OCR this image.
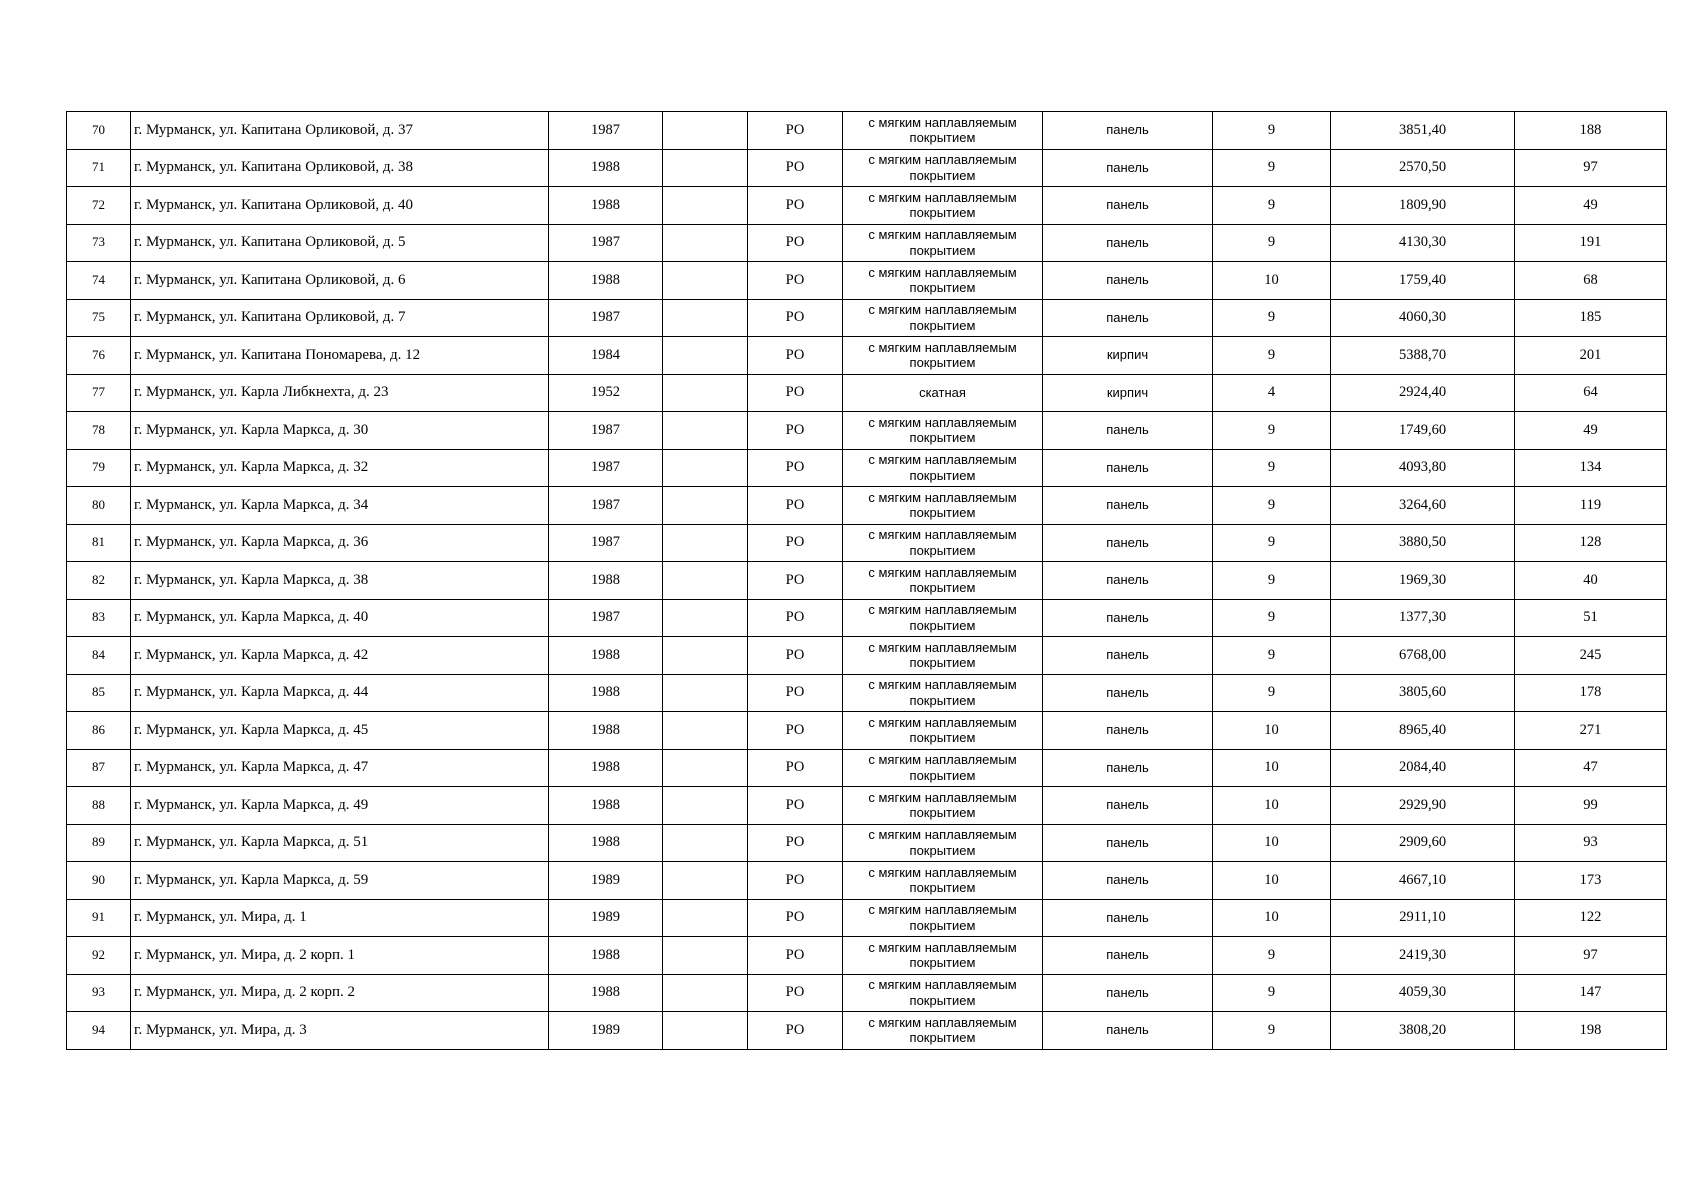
70	г. Мурманск, ул. Капитана Орликовой, д. 37	1987		РО	с мягким наплавляемым покрытием	панель	9	3851,40	188
71	г. Мурманск, ул. Капитана Орликовой, д. 38	1988		РО	с мягким наплавляемым покрытием	панель	9	2570,50	97
72	г. Мурманск, ул. Капитана Орликовой, д. 40	1988		РО	с мягким наплавляемым покрытием	панель	9	1809,90	49
73	г. Мурманск, ул. Капитана Орликовой, д. 5	1987		РО	с мягким наплавляемым покрытием	панель	9	4130,30	191
74	г. Мурманск, ул. Капитана Орликовой, д. 6	1988		РО	с мягким наплавляемым покрытием	панель	10	1759,40	68
75	г. Мурманск, ул. Капитана Орликовой, д. 7	1987		РО	с мягким наплавляемым покрытием	панель	9	4060,30	185
76	г. Мурманск, ул. Капитана Пономарева, д. 12	1984		РО	с мягким наплавляемым покрытием	кирпич	9	5388,70	201
77	г. Мурманск, ул. Карла Либкнехта, д. 23	1952		РО	скатная	кирпич	4	2924,40	64
78	г. Мурманск, ул. Карла Маркса, д. 30	1987		РО	с мягким наплавляемым покрытием	панель	9	1749,60	49
79	г. Мурманск, ул. Карла Маркса, д. 32	1987		РО	с мягким наплавляемым покрытием	панель	9	4093,80	134
80	г. Мурманск, ул. Карла Маркса, д. 34	1987		РО	с мягким наплавляемым покрытием	панель	9	3264,60	119
81	г. Мурманск, ул. Карла Маркса, д. 36	1987		РО	с мягким наплавляемым покрытием	панель	9	3880,50	128
82	г. Мурманск, ул. Карла Маркса, д. 38	1988		РО	с мягким наплавляемым покрытием	панель	9	1969,30	40
83	г. Мурманск, ул. Карла Маркса, д. 40	1987		РО	с мягким наплавляемым покрытием	панель	9	1377,30	51
84	г. Мурманск, ул. Карла Маркса, д. 42	1988		РО	с мягким наплавляемым покрытием	панель	9	6768,00	245
85	г. Мурманск, ул. Карла Маркса, д. 44	1988		РО	с мягким наплавляемым покрытием	панель	9	3805,60	178
86	г. Мурманск, ул. Карла Маркса, д. 45	1988		РО	с мягким наплавляемым покрытием	панель	10	8965,40	271
87	г. Мурманск, ул. Карла Маркса, д. 47	1988		РО	с мягким наплавляемым покрытием	панель	10	2084,40	47
88	г. Мурманск, ул. Карла Маркса, д. 49	1988		РО	с мягким наплавляемым покрытием	панель	10	2929,90	99
89	г. Мурманск, ул. Карла Маркса, д. 51	1988		РО	с мягким наплавляемым покрытием	панель	10	2909,60	93
90	г. Мурманск, ул. Карла Маркса, д. 59	1989		РО	с мягким наплавляемым покрытием	панель	10	4667,10	173
91	г. Мурманск, ул. Мира, д. 1	1989		РО	с мягким наплавляемым покрытием	панель	10	2911,10	122
92	г. Мурманск, ул. Мира, д. 2 корп. 1	1988		РО	с мягким наплавляемым покрытием	панель	9	2419,30	97
93	г. Мурманск, ул. Мира, д. 2 корп. 2	1988		РО	с мягким наплавляемым покрытием	панель	9	4059,30	147
94	г. Мурманск, ул. Мира, д. 3	1989		РО	с мягким наплавляемым покрытием	панель	9	3808,20	198
